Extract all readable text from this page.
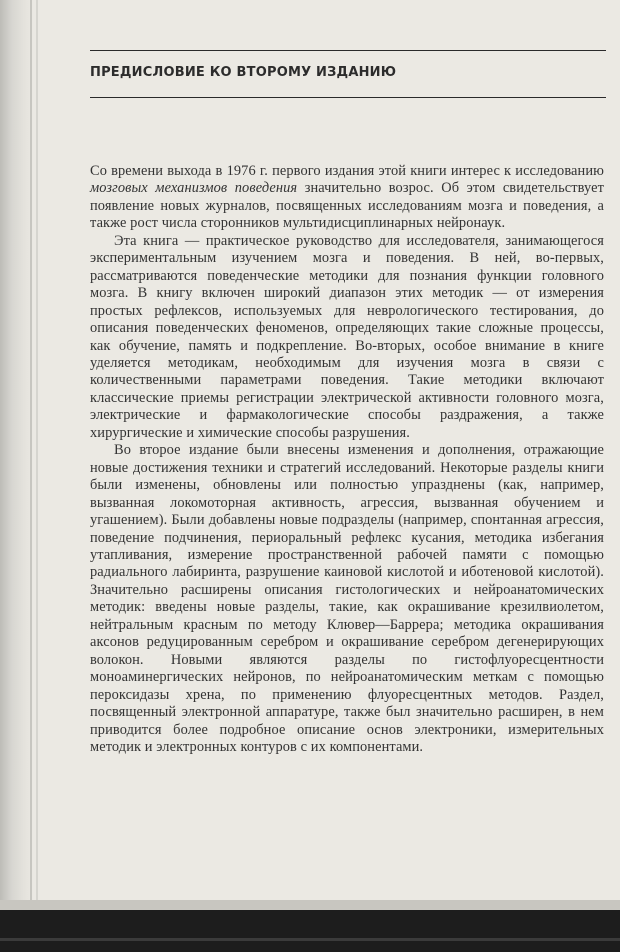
ПРЕДИСЛОВИЕ КО ВТОРОМУ ИЗДАНИЮ

Со времени выхода в 1976 г. первого издания этой книги интерес к исследованию мозговых механизмов поведения значительно возрос. Об этом свидетельствует появление новых журналов, посвященных исследованиям мозга и поведения, а также рост числа сторонников мультидисциплинарных нейронаук.

Эта книга — практическое руководство для исследователя, занимающегося экспериментальным изучением мозга и поведения. В ней, во-первых, рассматриваются поведенческие методики для познания функции головного мозга. В книгу включен широкий диапазон этих методик — от измерения простых рефлексов, используемых для неврологического тестирования, до описания поведенческих феноменов, определяющих такие сложные процессы, как обучение, память и подкрепление. Во-вторых, особое внимание в книге уделяется методикам, необходимым для изучения мозга в связи с количественными параметрами поведения. Такие методики включают классические приемы регистрации электрической активности головного мозга, электрические и фармакологические способы раздражения, а также хирургические и химические способы разрушения.

Во второе издание были внесены изменения и дополнения, отражающие новые достижения техники и стратегий исследований. Некоторые разделы книги были изменены, обновлены или полностью упразднены (как, например, вызванная локомоторная активность, агрессия, вызванная обучением и угашением). Были добавлены новые подразделы (например, спонтанная агрессия, поведение подчинения, периоральный рефлекс кусания, методика избегания утапливания, измерение пространственной рабочей памяти с помощью радиального лабиринта, разрушение каиновой кислотой и иботеновой кислотой). Значительно расширены описания гистологических и нейроанатомических методик: введены новые разделы, такие, как окрашивание крезилвиолетом, нейтральным красным по методу Клювер—Баррера; методика окрашивания аксонов редуцированным серебром и окрашивание серебром дегенерирующих волокон. Новыми являются разделы по гистофлуоресцентности моноаминергических нейронов, по нейроанатомическим меткам с помощью пероксидазы хрена, по применению флуоресцентных методов. Раздел, посвященный электронной аппаратуре, также был значительно расширен, в нем приводится более подробное описание основ электроники, измерительных методик и электронных контуров с их компонентами.
